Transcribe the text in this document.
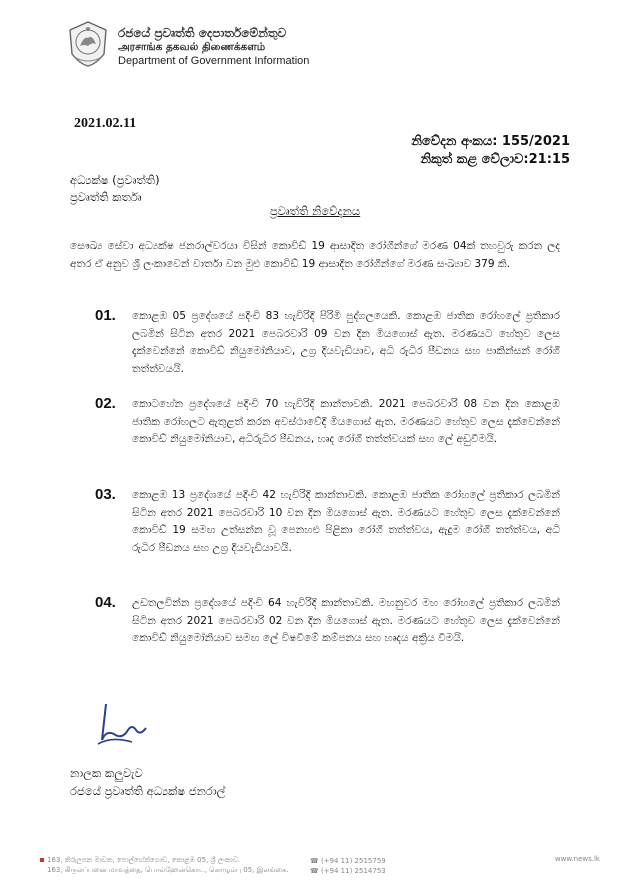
රජයේ ප්‍රවෘත්ති දෙපාර්තමේන්තුව
அரசாங்க தகவல் திணைக்களம்
Department of Government Information
2021.02.11
නිවේදන අංකය: 155/2021
නිකුත් කළ වේලාව:21:15
අධ්‍යක්ෂ (ප්‍රවෘත්ති)
ප්‍රවෘත්ති කර්තෘ
ප්‍රවෘත්ති නිවේදනය
සෞඛ්‍ය සේවා අධ්‍යක්ෂ ජනරාල්වරයා විසින් කොවිඩ් 19 ආසාදිත රෝගීන්ගේ මරණ 04ක් තහවුරු කරන ලද අතර ඒ අනුව ශ්‍රී ලංකාවෙන් වාර්තා වන මුළු කොවිඩ් 19 ආසාදිත රෝගීන්ගේ මරණ සංඛ්‍යාව 379 කි.
01. කොළඹ 05 ප්‍රදේශයේ පදිංචි 83 හැවිරිදි පිරිමි පුද්ගලයෙකි. කොළඹ ජාතික රෝහලේ ප්‍රතිකාර ලබමින් සිටින අතර 2021 පෙබරවාරි 09 වන දින මියගොස් ඇත. මරණයට හේතුව ලෙස දැක්වෙන්නේ කොවිඩ් නියුමෝනියාව, උග්‍ර දියවැඩියාව, අධි රුධිර පීඩනය සහ පාකින්සන් රෝගී තත්ත්වයයි.
02. කොටහේන ප්‍රදේශයේ පදිංචි 70 හැවිරිදි කාන්තාවකි. 2021 පෙබරවාරි 08 වන දින කොළඹ ජාතික රෝහලට ඇතුළත් කරන අවස්ථාවේදී මියගොස් ඇත. මරණයට හේතුව ලෙස දැක්වෙන්නේ කොවිඩ් නියුමෝනියාව, අධිරුධිර පීඩනය, හෘද රෝගී තත්ත්වයක් සහ ලේ අඩුවීමයි.
03. කොළඹ 13 ප්‍රදේශයේ පදිංචි 42 හැවිරිදි කාන්තාවකි. කොළඹ ජාතික රෝහලේ ප්‍රතිකාර ලබමින් සිටින අතර 2021 පෙබරවාරි 10 වන දින මියගොස් ඇත. මරණයට හේතුව ලෙස දැක්වෙන්නේ කොවිඩ් 19 සමඟ උත්සන්න වූ පෙනහළු පිළිකා රෝගී තත්ත්වය, ඇදුම රෝගී තත්ත්වය, අධි රුධිර පීඩනය සහ උග්‍ර දියවැඩියාවයි.
04. උඩතලවින්න ප්‍රදේශයේ පදිංචි 64 හැවිරිදි කාන්තාවකි. මහනුවර මහ රෝහලේ ප්‍රතිකාර ලබමින් සිටින අතර 2021 පෙබරවාරි 02 වන දින මියගොස් ඇත. මරණයට හේතුව ලෙස දැක්වෙන්නේ කොවිඩ් නියුමෝනියාව සමඟ ලේ විෂවීමේ කම්පනය සහ හෘදය අක්‍රිය වීමයි.
නාලක කලුවැව
රජයේ ප්‍රවෘත්ති අධ්‍යක්ෂ ජනරාල්
163, කිරුලපන මාවත, පොල්හේන්ගොඩ, කොළඹ 05, ශ්‍රී ලංකාව.
163, கிருலப்பனை மாவத்தை, பொல்ஹேன்கொட, கொழும்பு 05, இலங்கை.
☎ (+94 11) 2515759
☎ (+94 11) 2514753
www.news.lk
